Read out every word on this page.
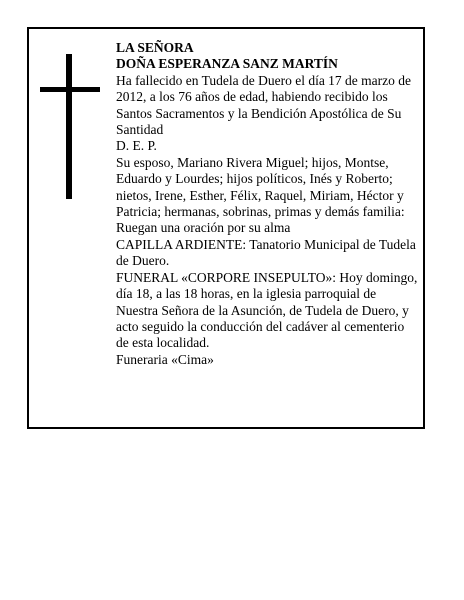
LA SEÑORA

DOÑA ESPERANZA SANZ MARTÍN

Ha fallecido en Tudela de Duero el día 17 de marzo de 2012, a los 76 años de edad, habiendo recibido los Santos Sacramentos y la Bendición Apostólica de Su Santidad

D. E. P.

Su esposo, Mariano Rivera Miguel; hijos, Montse, Eduardo y Lourdes; hijos políticos, Inés y Roberto; nietos, Irene, Esther, Félix, Raquel, Miriam, Héctor y Patricia; hermanas, sobrinas, primas y demás familia:

Ruegan una oración por su alma

CAPILLA ARDIENTE: Tanatorio Municipal de Tudela de Duero.

FUNERAL «CORPORE INSEPULTO»: Hoy domingo, día 18, a las 18 horas, en la iglesia parroquial de Nuestra Señora de la Asunción, de Tudela de Duero, y acto seguido la conducción del cadáver al cementerio de esta localidad.

Funeraria «Cima»
